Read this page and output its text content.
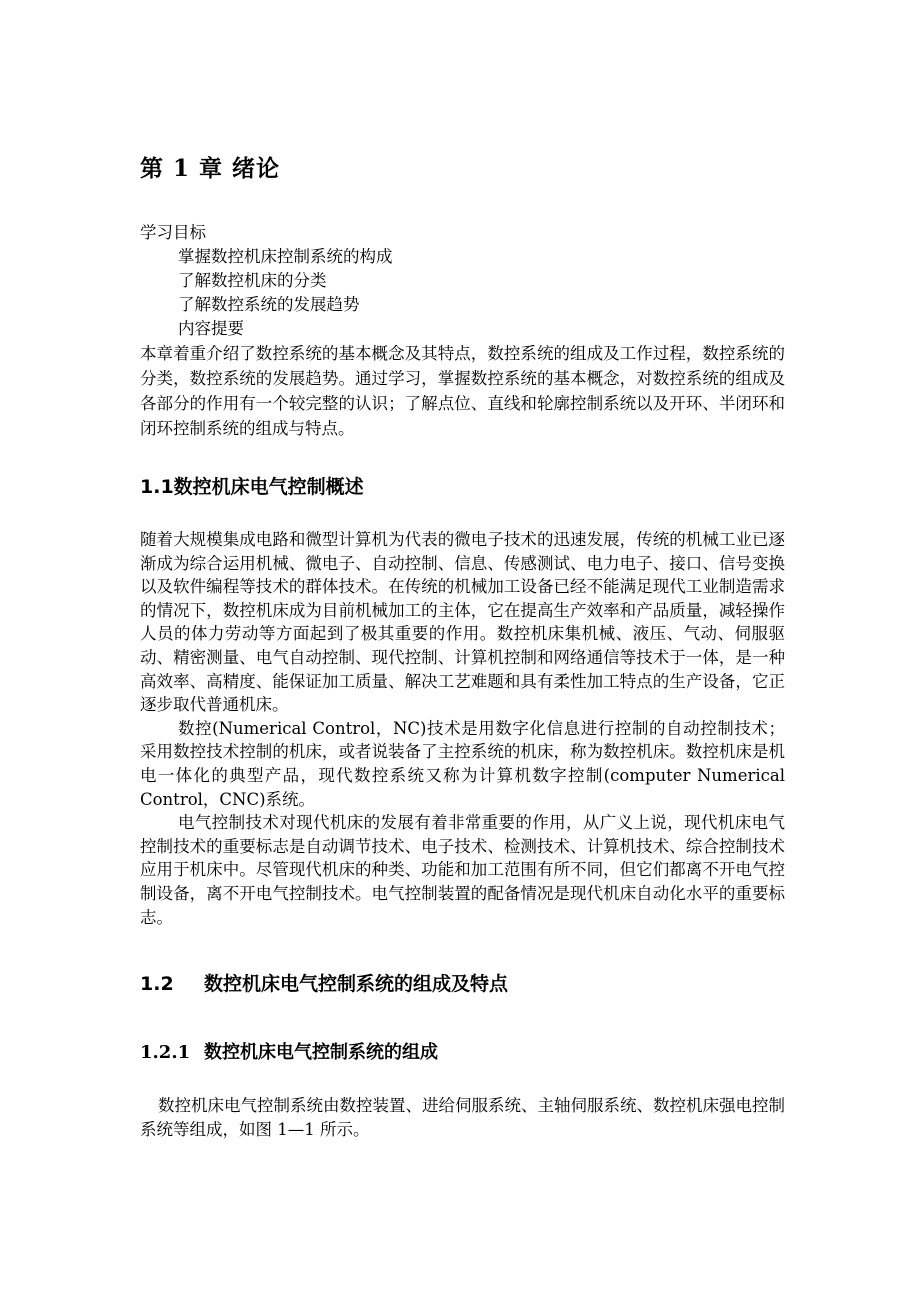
第 1 章 绪论
学习目标
掌握数控机床控制系统的构成
了解数控机床的分类
了解数控系统的发展趋势
内容提要
本章着重介绍了数控系统的基本概念及其特点，数控系统的组成及工作过程，数控系统的分类，数控系统的发展趋势。通过学习，掌握数控系统的基本概念，对数控系统的组成及各部分的作用有一个较完整的认识；了解点位、直线和轮廓控制系统以及开环、半闭环和闭环控制系统的组成与特点。
1.1数控机床电气控制概述

随着大规模集成电路和微型计算机为代表的微电子技术的迅速发展，传统的机械工业已逐渐成为综合运用机械、微电子、自动控制、信息、传感测试、电力电子、接口、信号变换以及软件编程等技术的群体技术。在传统的机械加工设备已经不能满足现代工业制造需求的情况下，数控机床成为目前机械加工的主体，它在提高生产效率和产品质量，减轻操作人员的体力劳动等方面起到了极其重要的作用。数控机床集机械、液压、气动、伺服驱动、精密测量、电气自动控制、现代控制、计算机控制和网络通信等技术于一体，是一种高效率、高精度、能保证加工质量、解决工艺难题和具有柔性加工特点的生产设备，它正逐步取代普通机床。

数控(Numerical Control，NC)技术是用数字化信息进行控制的自动控制技术；采用数控技术控制的机床，或者说装备了主控系统的机床，称为数控机床。数控机床是机电一体化的典型产品，现代数控系统又称为计算机数字控制(computer Numerical Control，CNC)系统。

电气控制技术对现代机床的发展有着非常重要的作用，从广义上说，现代机床电气控制技术的重要标志是自动调节技术、电子技术、检测技术、计算机技术、综合控制技术应用于机床中。尽管现代机床的种类、功能和加工范围有所不同，但它们都离不开电气控制设备，离不开电气控制技术。电气控制装置的配备情况是现代机床自动化水平的重要标志。

1.2 数控机床电气控制系统的组成及特点
1.2.1 数控机床电气控制系统的组成

数控机床电气控制系统由数控装置、进给伺服系统、主轴伺服系统、数控机床强电控制系统等组成，如图 1—1 所示。
